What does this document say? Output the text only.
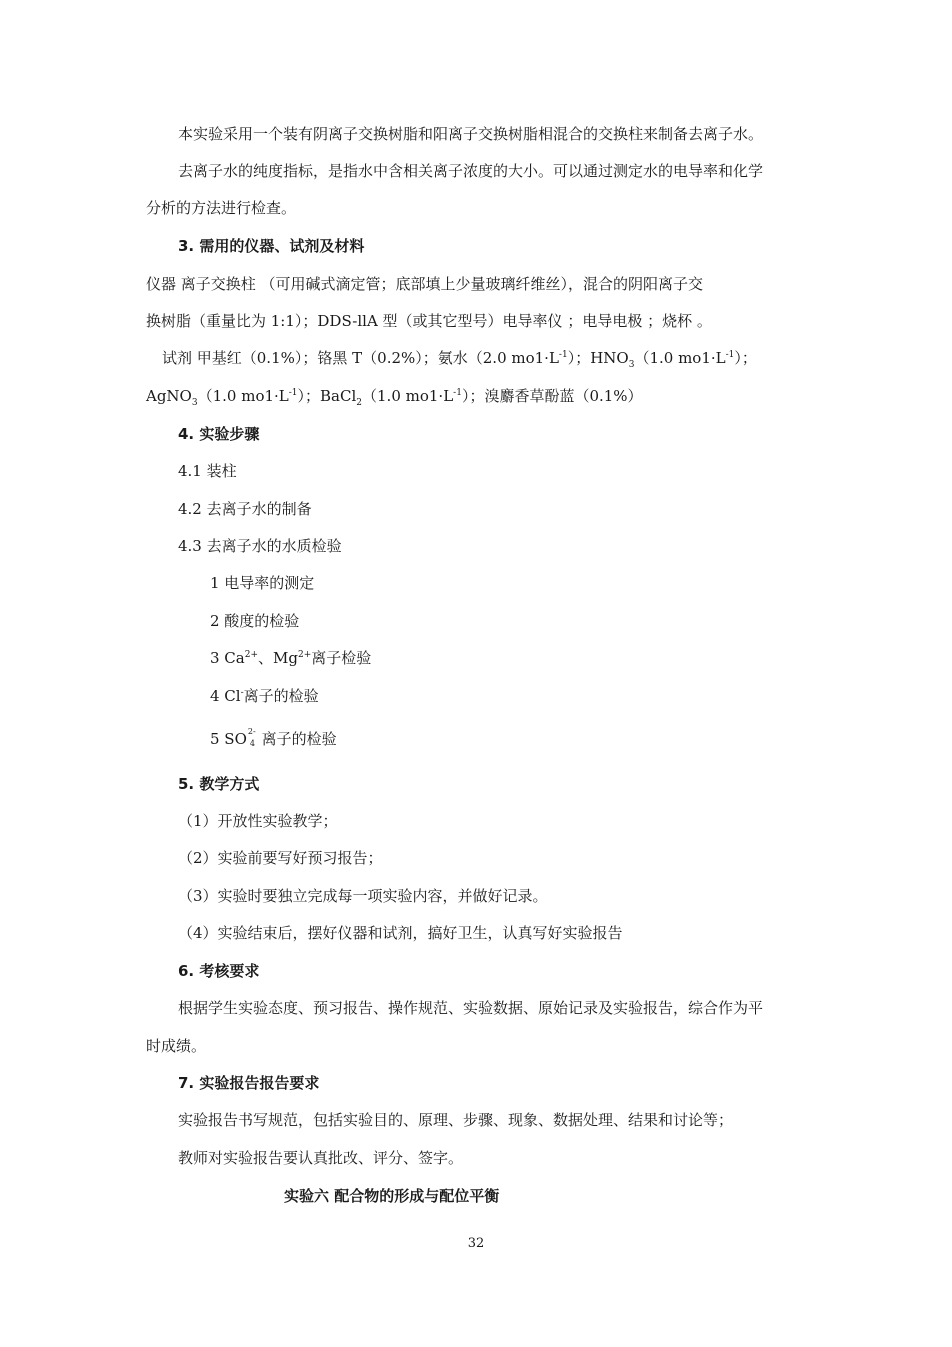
本实验采用一个装有阴离子交换树脂和阳离子交换树脂相混合的交换柱来制备去离子水。
去离子水的纯度指标，是指水中含相关离子浓度的大小。可以通过测定水的电导率和化学
分析的方法进行检查。
3. 需用的仪器、试剂及材料
仪器 离子交换柱 （可用碱式滴定管；底部填上少量玻璃纤维丝），混合的阴阳离子交
换树脂（重量比为 1:1）；DDS-llA 型（或其它型号）电导率仪 ；电导电极 ；烧杯 。
试剂 甲基红（0.1%）；铬黑 T（0.2%）；氨水（2.0 $mo1\cdot L^{-1}$）；$HNO_3(1.0$ $mo1\cdot L^{-1}$）；
AgNO$_3$（1.0 $mo1\cdot L^{-1}$）；BaCl$_2$（1.0 $mo1\cdot L^{-1}$）；溴麝香草酚蓝（0.1%）
4. 实验步骤
4.1 装柱
4.2 去离子水的制备
4.3 去离子水的水质检验
1 电导率的测定
2 酸度的检验
3 $Ca^{2+}$、$Mg^{2+}$离子检验
4 Cl-离子的检验
5 SO 2-
4 离子的检验
5. 教学方式
（1）开放性实验教学；
（2）实验前要写好预习报告；
（3）实验时要独立完成每一项实验内容，并做好记录。
（4）实验结束后，摆好仪器和试剂，搞好卫生，认真写好实验报告
6. 考核要求
根据学生实验态度、预习报告、操作规范、实验数据、原始记录及实验报告，综合作为平
时成绩。
7. 实验报告报告要求
实验报告书写规范，包括实验目的、原理、步骤、现象、数据处理、结果和讨论等；
教师对实验报告要认真批改、评分、签字。
实验六 配合物的形成与配位平衡
32
